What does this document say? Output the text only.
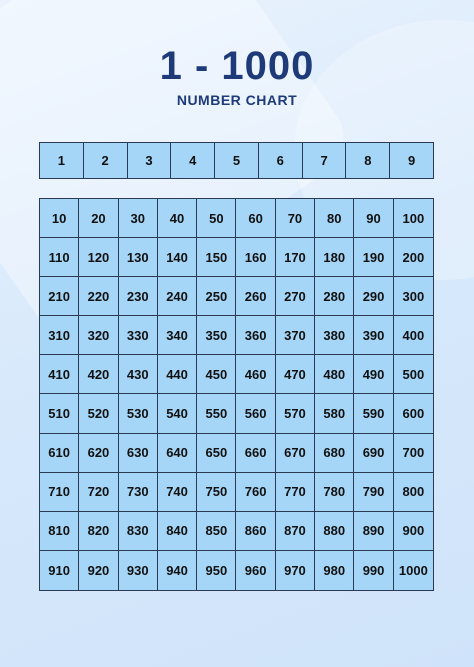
1 - 1000
NUMBER CHART
1	2	3	4	5	6	7	8	9
10	20	30	40	50	60	70	80	90	100
110	120	130	140	150	160	170	180	190	200
210	220	230	240	250	260	270	280	290	300
310	320	330	340	350	360	370	380	390	400
410	420	430	440	450	460	470	480	490	500
510	520	530	540	550	560	570	580	590	600
610	620	630	640	650	660	670	680	690	700
710	720	730	740	750	760	770	780	790	800
810	820	830	840	850	860	870	880	890	900
910	920	930	940	950	960	970	980	990	1000
